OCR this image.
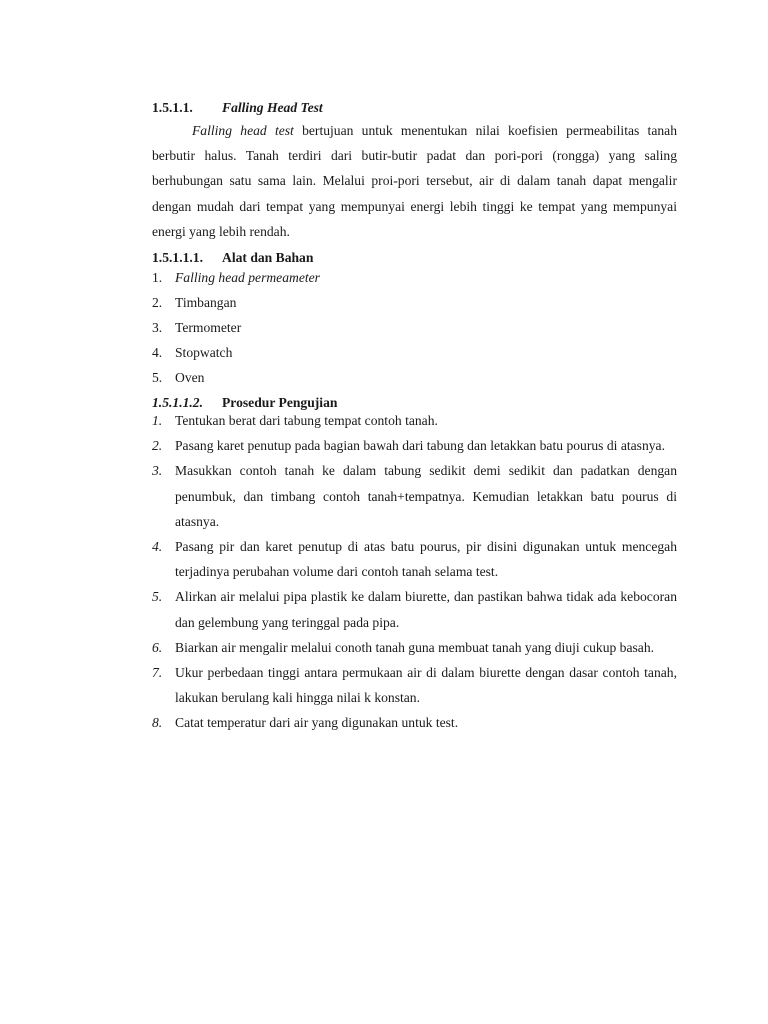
1.5.1.1.	Falling Head Test

Falling head test bertujuan untuk menentukan nilai koefisien permeabilitas tanah berbutir halus. Tanah terdiri dari butir-butir padat dan pori-pori (rongga) yang saling berhubungan satu sama lain. Melalui proi-pori tersebut, air di dalam tanah dapat mengalir dengan mudah dari tempat yang mempunyai energi lebih tinggi ke tempat yang mempunyai energi yang lebih rendah.

1.5.1.1.1.	Alat dan Bahan
1. Falling head permeameter
2. Timbangan
3. Termometer
4. Stopwatch
5. Oven
1.5.1.1.2.	Prosedur Pengujian
1. Tentukan berat dari tabung tempat contoh tanah.
2. Pasang karet penutup pada bagian bawah dari tabung dan letakkan batu pourus di atasnya.
3. Masukkan contoh tanah ke dalam tabung sedikit demi sedikit dan padatkan dengan penumbuk, dan timbang contoh tanah+tempatnya. Kemudian letakkan batu pourus di atasnya.
4. Pasang pir dan karet penutup di atas batu pourus, pir disini digunakan untuk mencegah terjadinya perubahan volume dari contoh tanah selama test.
5. Alirkan air melalui pipa plastik ke dalam biurette, dan pastikan bahwa tidak ada kebocoran dan gelembung yang teringgal pada pipa.
6. Biarkan air mengalir melalui conoth tanah guna membuat tanah yang diuji cukup basah.
7. Ukur perbedaan tinggi antara permukaan air di dalam biurette dengan dasar contoh tanah, lakukan berulang kali hingga nilai k konstan.
8. Catat temperatur dari air yang digunakan untuk test.
